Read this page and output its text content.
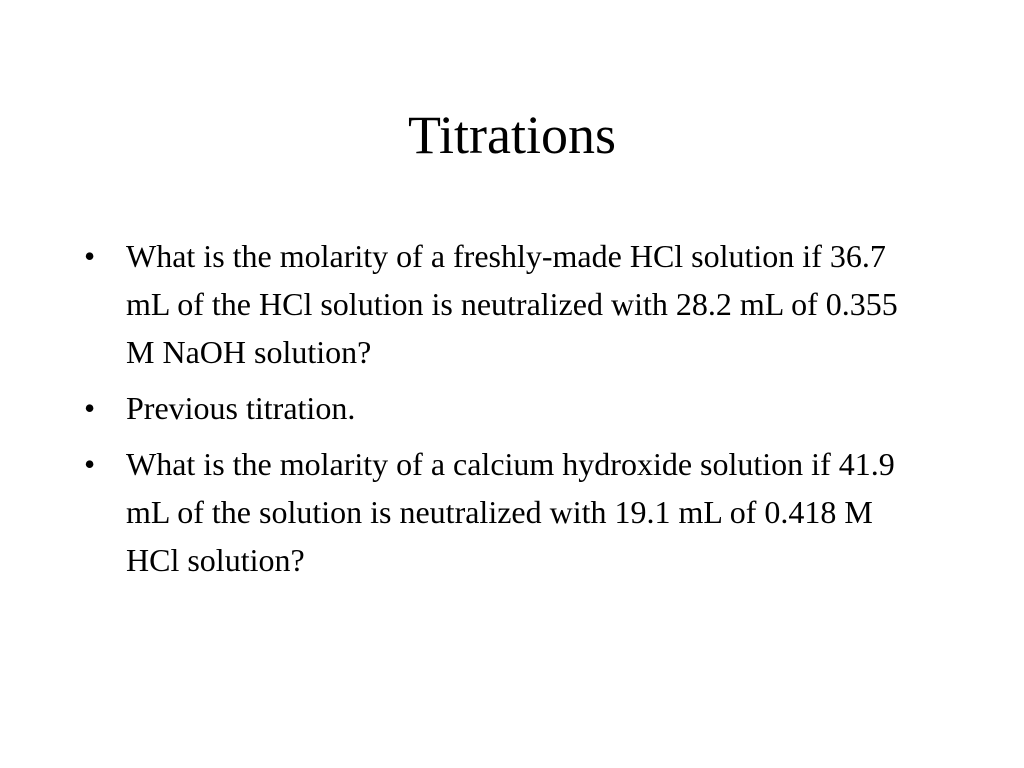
Titrations
• What is the molarity of a freshly-made HCl solution if 36.7 mL of the HCl solution is neutralized with 28.2 mL of 0.355 M NaOH solution?
• Previous titration.
• What is the molarity of a calcium hydroxide solution if 41.9 mL of the solution is neutralized with 19.1 mL of 0.418 M HCl solution?
